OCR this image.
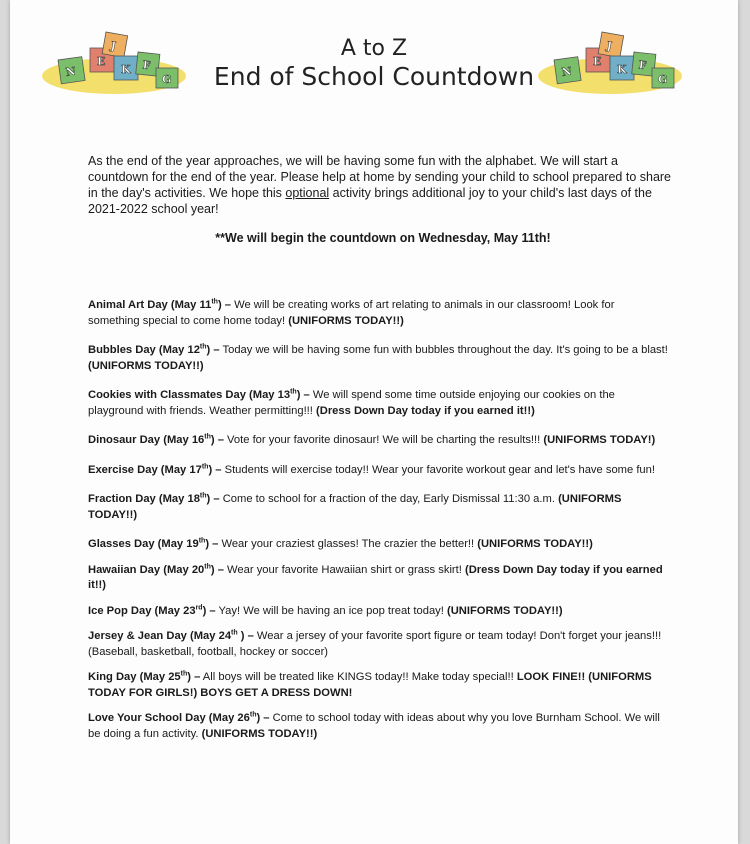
N
E
J
K F
G
A to Z
End of School Countdown	N
E
J
K F
G

As the end of the year approaches, we will be having some fun with the alphabet. We will start a countdown for the end of the year. Please help at home by sending your child to school prepared to share in the day's activities. We hope this optional activity brings additional joy to your child's last days of the 2021-2022 school year!

**We will begin the countdown on Wednesday, May 11th!

Animal Art Day (May 11th) – We will be creating works of art relating to animals in our classroom! Look for something special to come home today! (UNIFORMS TODAY!!)

Bubbles Day (May 12th) – Today we will be having some fun with bubbles throughout the day. It's going to be a blast! (UNIFORMS TODAY!!)

Cookies with Classmates Day (May 13th) – We will spend some time outside enjoying our cookies on the playground with friends. Weather permitting!!! (Dress Down Day today if you earned it!!)

Dinosaur Day (May 16th) – Vote for your favorite dinosaur! We will be charting the results!!! (UNIFORMS TODAY!)

Exercise Day (May 17th) – Students will exercise today!! Wear your favorite workout gear and let's have some fun!

Fraction Day (May 18th) – Come to school for a fraction of the day, Early Dismissal 11:30 a.m. (UNIFORMS TODAY!!)

Glasses Day (May 19th) – Wear your craziest glasses! The crazier the better!! (UNIFORMS TODAY!!)

Hawaiian Day (May 20th) – Wear your favorite Hawaiian shirt or grass skirt! (Dress Down Day today if you earned it!!)

Ice Pop Day (May 23rd) – Yay! We will be having an ice pop treat today! (UNIFORMS TODAY!!)

Jersey & Jean Day (May 24th ) – Wear a jersey of your favorite sport figure or team today! Don't forget your jeans!!! (Baseball, basketball, football, hockey or soccer)

King Day (May 25th) – All boys will be treated like KINGS today!! Make today special!! LOOK FINE!! (UNIFORMS TODAY FOR GIRLS!) BOYS GET A DRESS DOWN!

Love Your School Day (May 26th) – Come to school today with ideas about why you love Burnham School. We will be doing a fun activity. (UNIFORMS TODAY!!)
